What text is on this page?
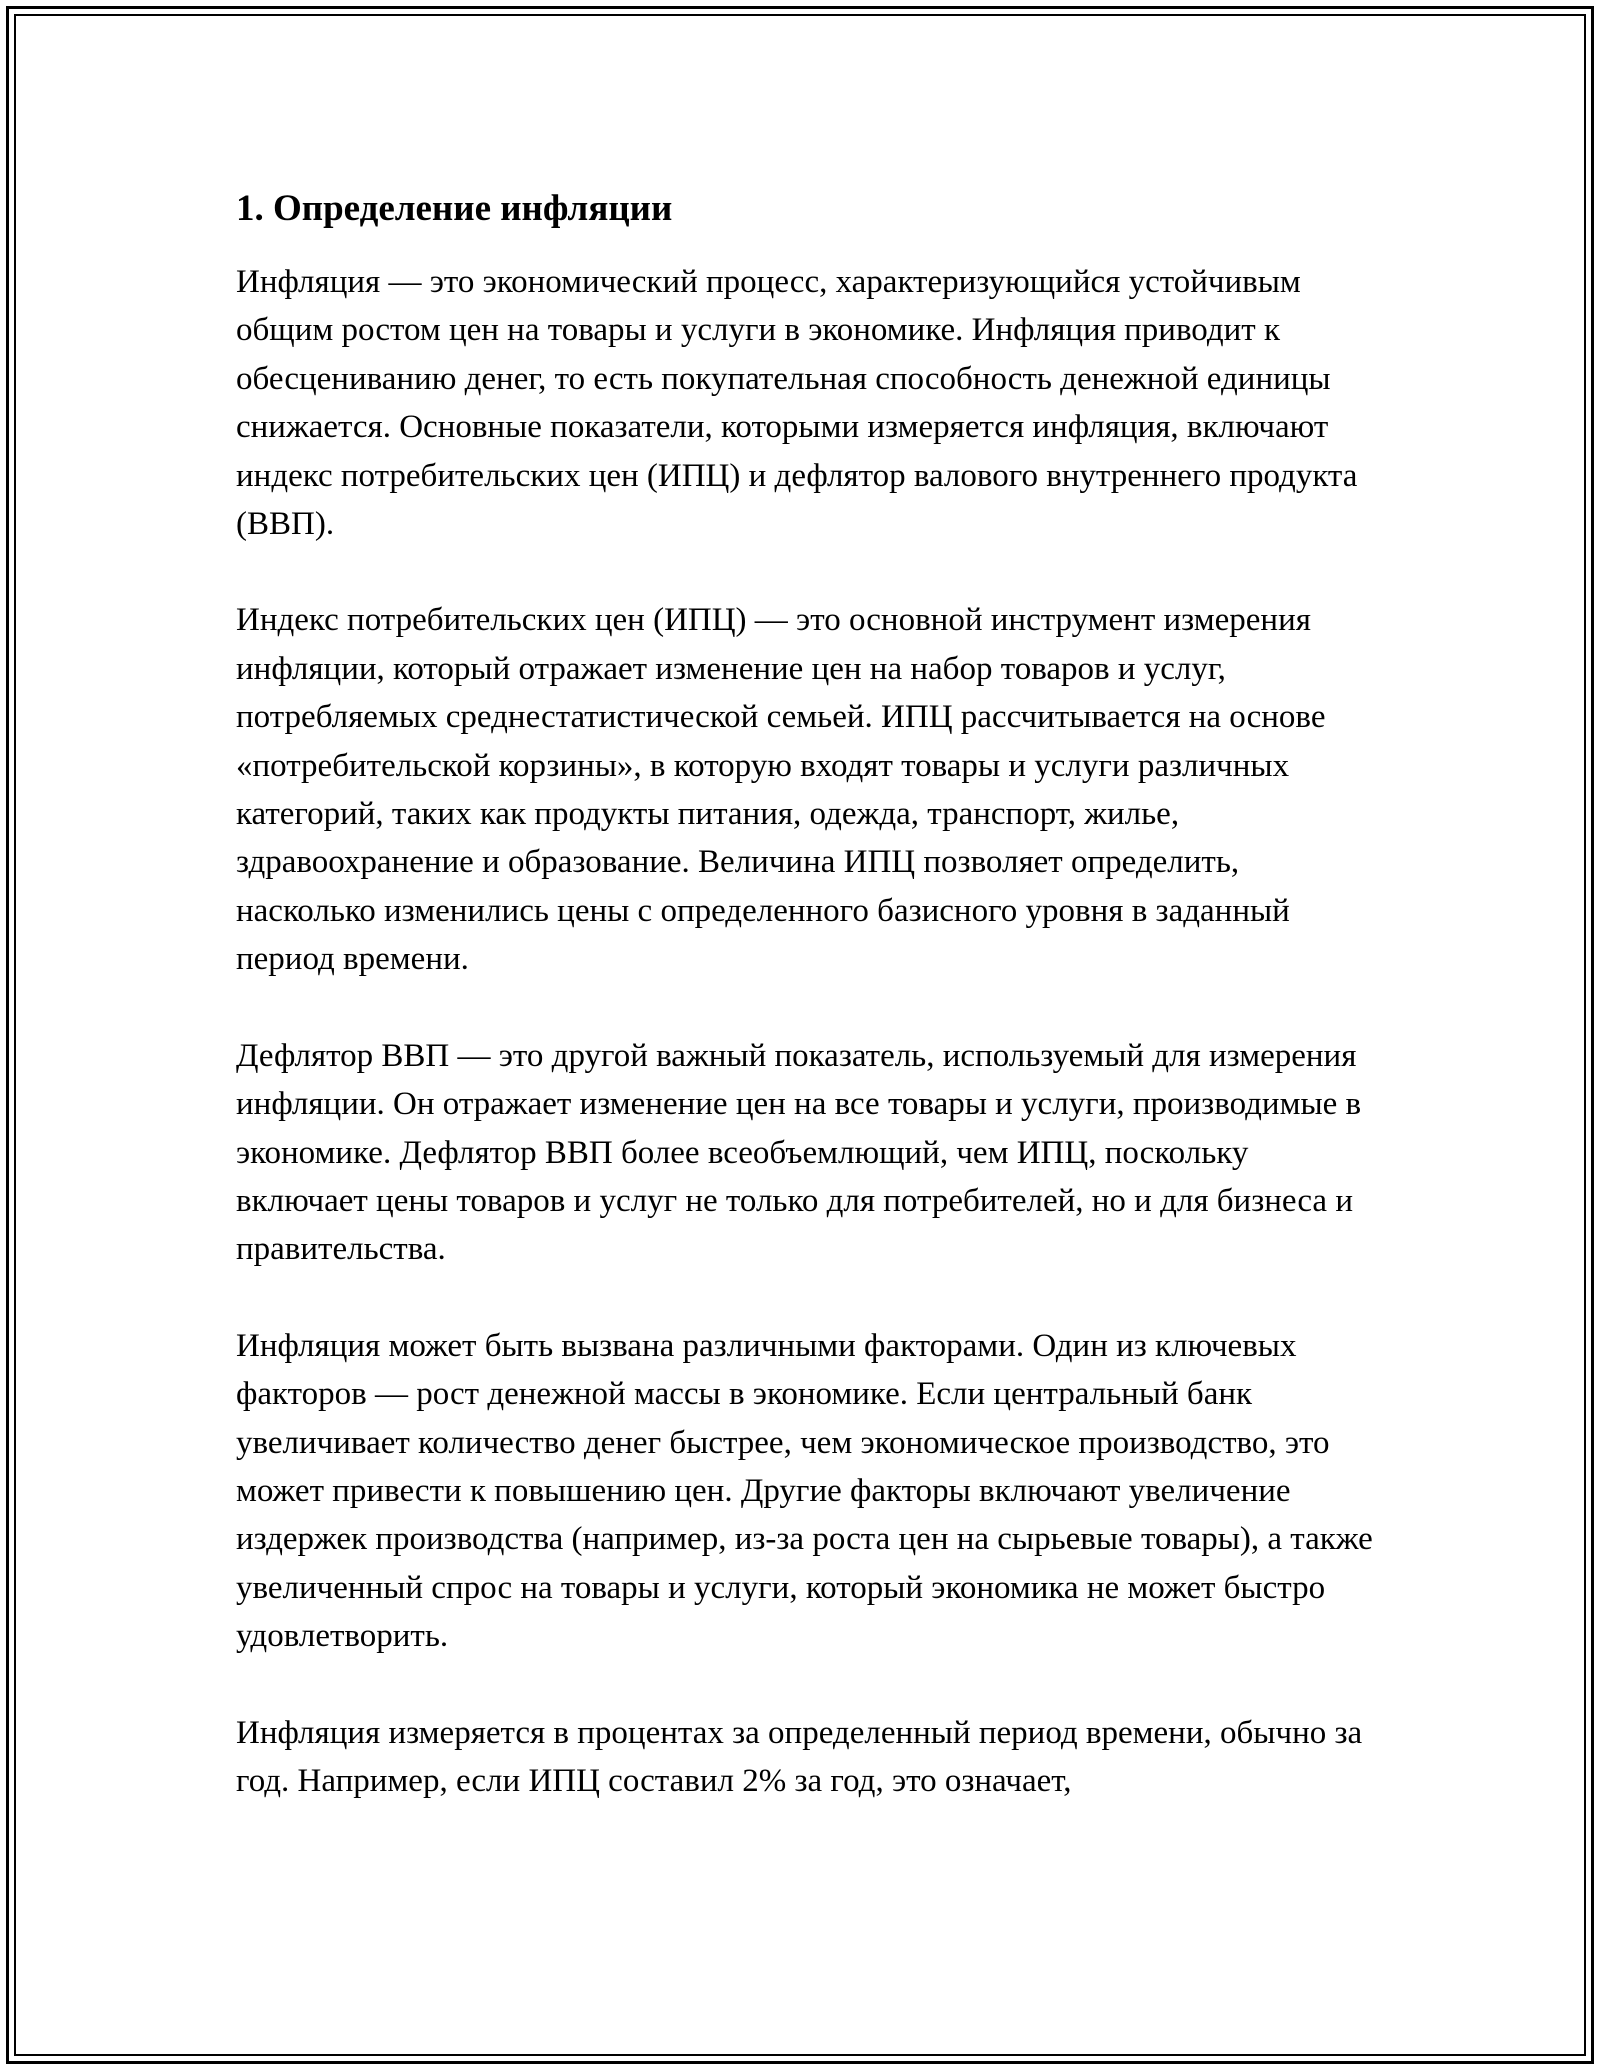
1. Определение инфляции

Инфляция — это экономический процесс, характеризующийся устойчивым общим ростом цен на товары и услуги в экономике. Инфляция приводит к обесцениванию денег, то есть покупательная способность денежной единицы снижается. Основные показатели, которыми измеряется инфляция, включают индекс потребительских цен (ИПЦ) и дефлятор валового внутреннего продукта (ВВП).

Индекс потребительских цен (ИПЦ) — это основной инструмент измерения инфляции, который отражает изменение цен на набор товаров и услуг, потребляемых среднестатистической семьей. ИПЦ рассчитывается на основе «потребительской корзины», в которую входят товары и услуги различных категорий, таких как продукты питания, одежда, транспорт, жилье, здравоохранение и образование. Величина ИПЦ позволяет определить, насколько изменились цены с определенного базисного уровня в заданный период времени.

Дефлятор ВВП — это другой важный показатель, используемый для измерения инфляции. Он отражает изменение цен на все товары и услуги, производимые в экономике. Дефлятор ВВП более всеобъемлющий, чем ИПЦ, поскольку включает цены товаров и услуг не только для потребителей, но и для бизнеса и правительства.

Инфляция может быть вызвана различными факторами. Один из ключевых факторов — рост денежной массы в экономике. Если центральный банк увеличивает количество денег быстрее, чем экономическое производство, это может привести к повышению цен. Другие факторы включают увеличение издержек производства (например, из-за роста цен на сырьевые товары), а также увеличенный спрос на товары и услуги, который экономика не может быстро удовлетворить.

Инфляция измеряется в процентах за определенный период времени, обычно за год. Например, если ИПЦ составил 2% за год, это означает,
